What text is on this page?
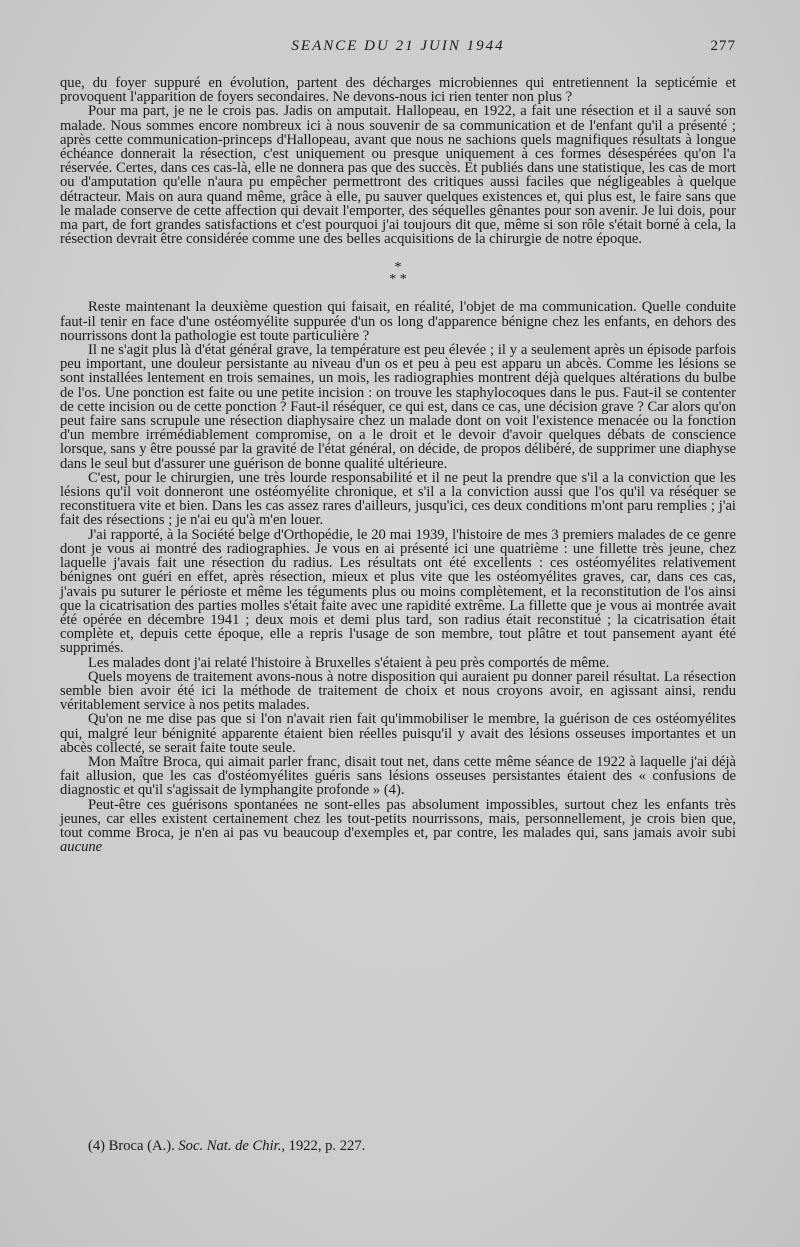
SEANCE DU 21 JUIN 1944	277

que, du foyer suppuré en évolution, partent des décharges microbiennes qui entretiennent la septicémie et provoquent l'apparition de foyers secondaires. Ne devons-nous ici rien tenter non plus ?

Pour ma part, je ne le crois pas. Jadis on amputait. Hallopeau, en 1922, a fait une résection et il a sauvé son malade. Nous sommes encore nombreux ici à nous souvenir de sa communication et de l'enfant qu'il a présenté ; après cette communication-princeps d'Hallopeau, avant que nous ne sachions quels magnifiques résultats à longue échéance donnerait la résection, c'est uniquement ou presque uniquement à ces formes désespérées qu'on l'a réservée. Certes, dans ces cas-là, elle ne donnera pas que des succès. Et publiés dans une statistique, les cas de mort ou d'amputation qu'elle n'aura pu empêcher permettront des critiques aussi faciles que négligeables à quelque détracteur. Mais on aura quand même, grâce à elle, pu sauver quelques existences et, qui plus est, le faire sans que le malade conserve de cette affection qui devait l'emporter, des séquelles gênantes pour son avenir. Je lui dois, pour ma part, de fort grandes satisfactions et c'est pourquoi j'ai toujours dit que, même si son rôle s'était borné à cela, la résection devrait être considérée comme une des belles acquisitions de la chirurgie de notre époque.

*
* *

Reste maintenant la deuxième question qui faisait, en réalité, l'objet de ma communication. Quelle conduite faut-il tenir en face d'une ostéomyélite suppurée d'un os long d'apparence bénigne chez les enfants, en dehors des nourrissons dont la pathologie est toute particulière ?

Il ne s'agit plus là d'état général grave, la température est peu élevée ; il y a seulement après un épisode parfois peu important, une douleur persistante au niveau d'un os et peu à peu est apparu un abcès. Comme les lésions se sont installées lentement en trois semaines, un mois, les radiographies montrent déjà quelques altérations du bulbe de l'os. Une ponction est faite ou une petite incision : on trouve les staphylocoques dans le pus. Faut-il se contenter de cette incision ou de cette ponction ? Faut-il réséquer, ce qui est, dans ce cas, une décision grave ? Car alors qu'on peut faire sans scrupule une résection diaphysaire chez un malade dont on voit l'existence menacée ou la fonction d'un membre irrémédiablement compromise, on a le droit et le devoir d'avoir quelques débats de conscience lorsque, sans y être poussé par la gravité de l'état général, on décide, de propos délibéré, de supprimer une diaphyse dans le seul but d'assurer une guérison de bonne qualité ultérieure.

C'est, pour le chirurgien, une très lourde responsabilité et il ne peut la prendre que s'il a la conviction que les lésions qu'il voit donneront une ostéomyélite chronique, et s'il a la conviction aussi que l'os qu'il va réséquer se reconstituera vite et bien. Dans les cas assez rares d'ailleurs, jusqu'ici, ces deux conditions m'ont paru remplies ; j'ai fait des résections ; je n'ai eu qu'à m'en louer.

J'ai rapporté, à la Société belge d'Orthopédie, le 20 mai 1939, l'histoire de mes 3 premiers malades de ce genre dont je vous ai montré des radiographies. Je vous en ai présenté ici une quatrième : une fillette très jeune, chez laquelle j'avais fait une résection du radius. Les résultats ont été excellents : ces ostéomyélites relativement bénignes ont guéri en effet, après résection, mieux et plus vite que les ostéomyélites graves, car, dans ces cas, j'avais pu suturer le périoste et même les téguments plus ou moins complètement, et la reconstitution de l'os ainsi que la cicatrisation des parties molles s'était faite avec une rapidité extrême. La fillette que je vous ai montrée avait été opérée en décembre 1941 ; deux mois et demi plus tard, son radius était reconstitué ; la cicatrisation était complète et, depuis cette époque, elle a repris l'usage de son membre, tout plâtre et tout pansement ayant été supprimés.

Les malades dont j'ai relaté l'histoire à Bruxelles s'étaient à peu près comportés de même.

Quels moyens de traitement avons-nous à notre disposition qui auraient pu donner pareil résultat. La résection semble bien avoir été ici la méthode de traitement de choix et nous croyons avoir, en agissant ainsi, rendu véritablement service à nos petits malades.

Qu'on ne me dise pas que si l'on n'avait rien fait qu'immobiliser le membre, la guérison de ces ostéomyélites qui, malgré leur bénignité apparente étaient bien réelles puisqu'il y avait des lésions osseuses importantes et un abcès collecté, se serait faite toute seule.

Mon Maître Broca, qui aimait parler franc, disait tout net, dans cette même séance de 1922 à laquelle j'ai déjà fait allusion, que les cas d'ostéomyélites guéris sans lésions osseuses persistantes étaient des « confusions de diagnostic et qu'il s'agissait de lymphangite profonde » (4).

Peut-être ces guérisons spontanées ne sont-elles pas absolument impossibles, surtout chez les enfants très jeunes, car elles existent certainement chez les tout-petits nourrissons, mais, personnellement, je crois bien que, tout comme Broca, je n'en ai pas vu beaucoup d'exemples et, par contre, les malades qui, sans jamais avoir subi aucune

(4) Broca (A.). Soc. Nat. de Chir., 1922, p. 227.
